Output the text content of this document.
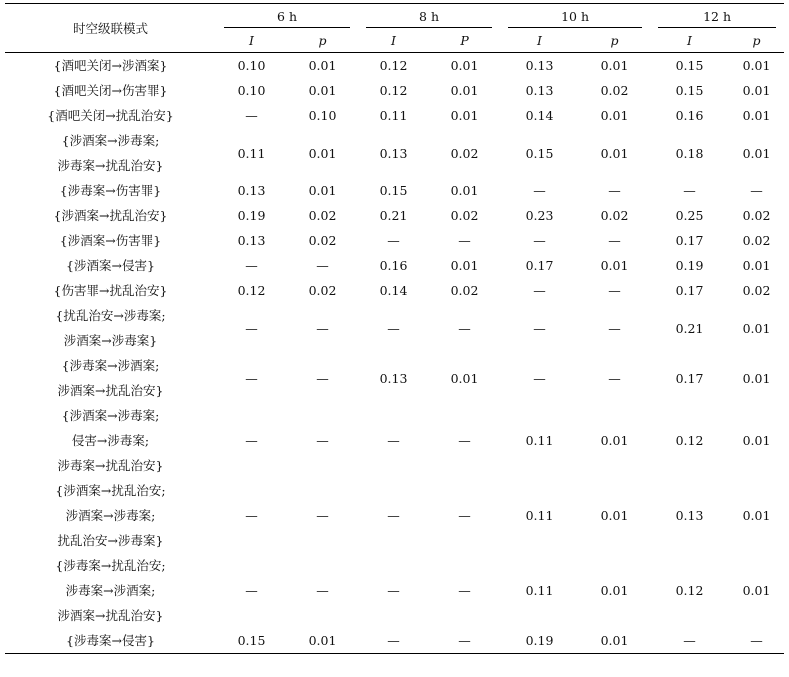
时空级联模式	6 h		8 h		10 h		12 h	

	I	p	I	P	I	p	I	p

{酒吧关闭→涉酒案}	0.10	0.01	0.12	0.01	0.13	0.01	0.15	0.01

{酒吧关闭→伤害罪}	0.10	0.01	0.12	0.01	0.13	0.02	0.15	0.01

{酒吧关闭→扰乱治安}	—	0.10	0.11	0.01	0.14	0.01	0.16	0.01

{涉酒案→涉毒案;
涉毒案→扰乱治安}	0.11	0.01	0.13	0.02	0.15	0.01	0.18	0.01

{涉毒案→伤害罪}	0.13	0.01	0.15	0.01	—	—	—	—

{涉酒案→扰乱治安}	0.19	0.02	0.21	0.02	0.23	0.02	0.25	0.02

{涉酒案→伤害罪}	0.13	0.02	—	—	—	—	0.17	0.02

{涉酒案→侵害}	—	—	0.16	0.01	0.17	0.01	0.19	0.01

{伤害罪→扰乱治安}	0.12	0.02	0.14	0.02	—	—	0.17	0.02

{扰乱治安→涉毒案;
涉酒案→涉毒案}	—	—	—	—	—	—	0.21	0.01

{涉毒案→涉酒案;
涉酒案→扰乱治安}	—	—	0.13	0.01	—	—	0.17	0.01

{涉酒案→涉毒案;
侵害→涉毒案;
涉毒案→扰乱治安}	—	—	—	—	0.11	0.01	0.12	0.01

{涉酒案→扰乱治安;
涉酒案→涉毒案;
扰乱治安→涉毒案}	—	—	—	—	0.11	0.01	0.13	0.01

{涉毒案→扰乱治安;
涉毒案→涉酒案;
涉酒案→扰乱治安}	—	—	—	—	0.11	0.01	0.12	0.01

{涉毒案→侵害}	0.15	0.01	—	—	0.19	0.01	—	—
